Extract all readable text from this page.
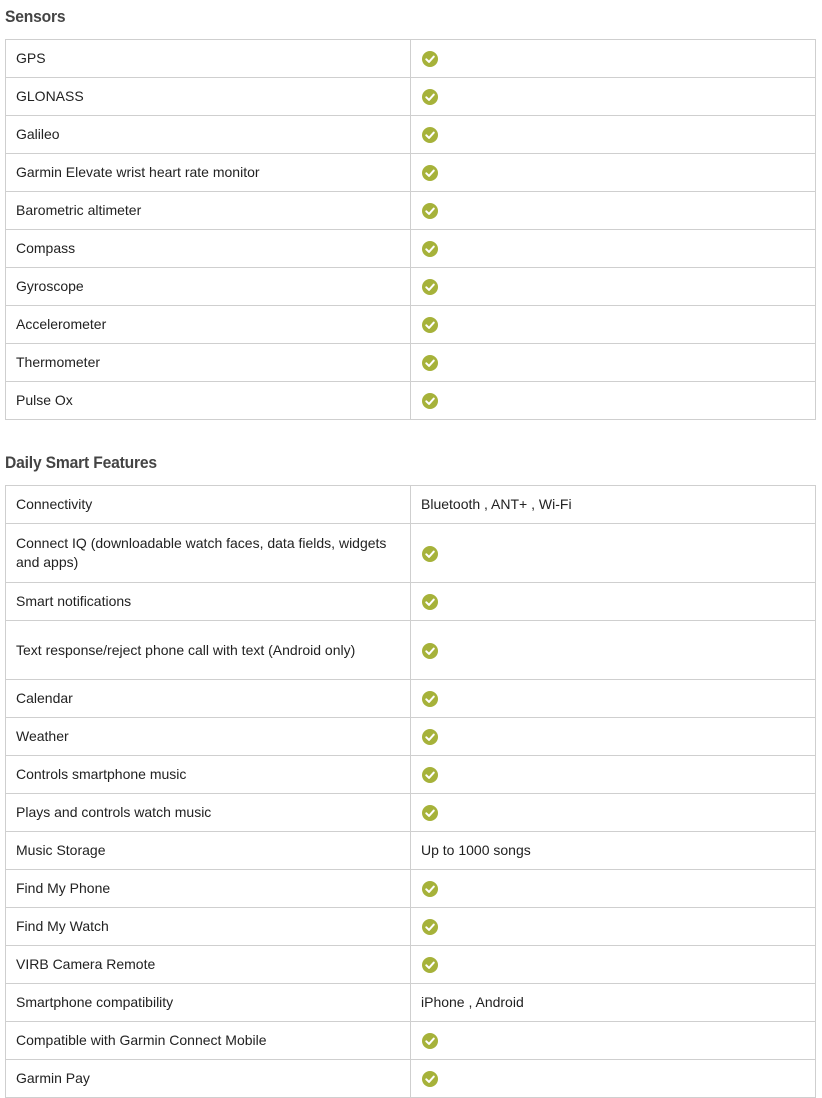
Sensors
GPS	

GLONASS	

Galileo	

Garmin Elevate wrist heart rate monitor	

Barometric altimeter	

Compass	

Gyroscope	

Accelerometer	

Thermometer	

Pulse Ox	
Daily Smart Features
Connectivity	Bluetooth , ANT+ , Wi-Fi
Connect IQ (downloadable watch faces, data fields, widgets and apps)	

Smart notifications	

Text response/reject phone call with text (Android only)	

Calendar	

Weather	

Controls smartphone music	

Plays and controls watch music	

Music Storage	Up to 1000 songs
Find My Phone	

Find My Watch	

VIRB Camera Remote	

Smartphone compatibility	iPhone , Android
Compatible with Garmin Connect Mobile	

Garmin Pay	
